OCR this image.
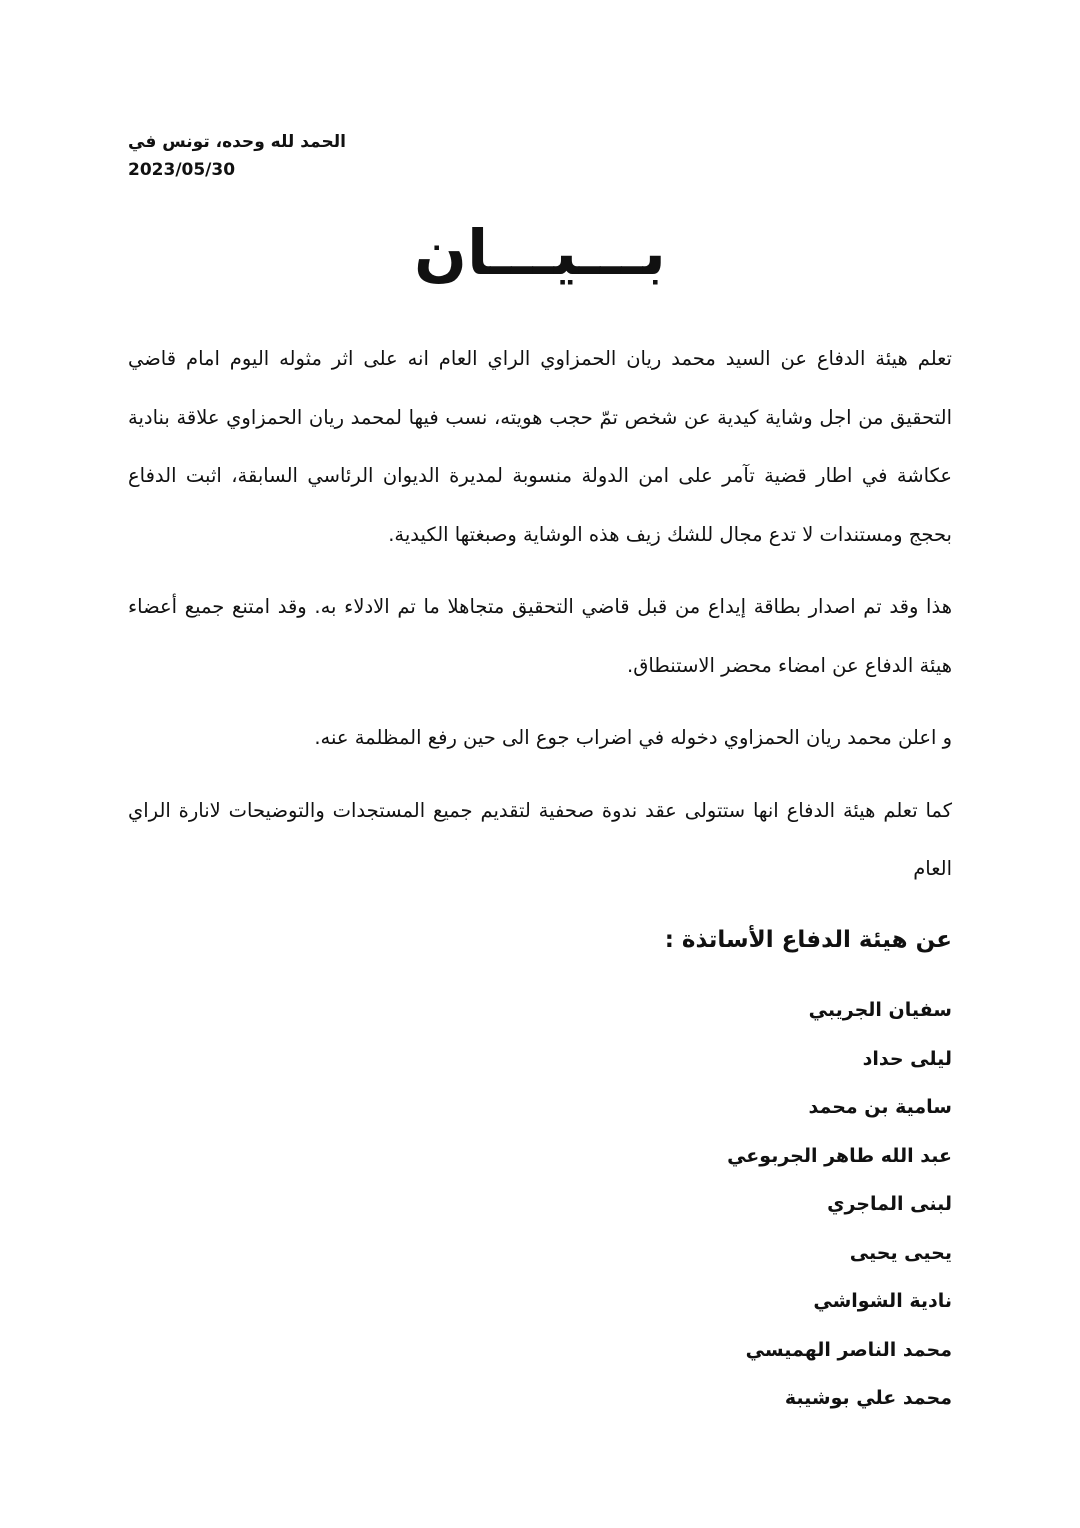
الحمد لله وحده، تونس في 2023/05/30
بـــيـــان

تعلم هيئة الدفاع عن السيد محمد ريان الحمزاوي الراي العام انه على اثر مثوله اليوم امام قاضي التحقيق من اجل وشاية كيدية عن شخص تمّ حجب هويته، نسب فيها لمحمد ريان الحمزاوي علاقة بنادية عكاشة في اطار قضية تآمر على امن الدولة منسوبة لمديرة الديوان الرئاسي السابقة، اثبت الدفاع بحجج ومستندات لا تدع مجال للشك زيف هذه الوشاية وصبغتها الكيدية.

هذا وقد تم اصدار بطاقة إيداع من قبل قاضي التحقيق متجاهلا ما تم الادلاء به. وقد امتنع جميع أعضاء هيئة الدفاع عن امضاء محضر الاستنطاق.

و اعلن محمد ريان الحمزاوي دخوله في اضراب جوع الى حين رفع المظلمة عنه.

كما تعلم هيئة الدفاع انها ستتولى عقد ندوة صحفية لتقديم جميع المستجدات والتوضيحات لانارة الراي العام

عن هيئة الدفاع الأساتذة :
سفيان الجريبي
ليلى حداد
سامية بن محمد
عبد الله طاهر الجربوعي
لبنى الماجري
يحيى يحيى
نادية الشواشي
محمد الناصر الهميسي
محمد علي بوشيبة
